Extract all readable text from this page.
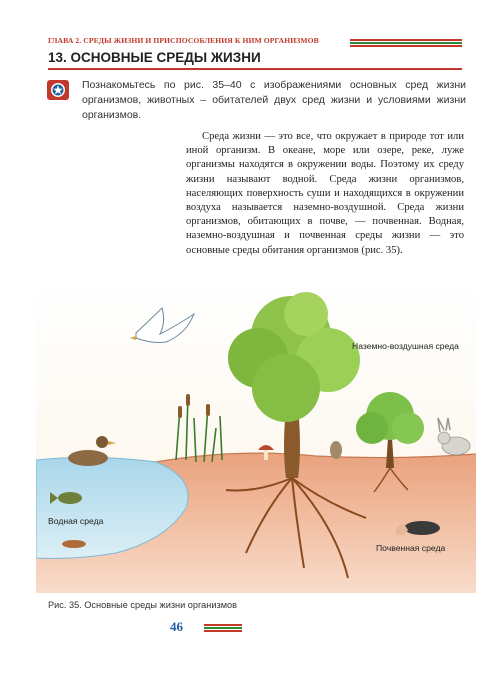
ГЛАВА 2. СРЕДЫ ЖИЗНИ И ПРИСПОСОБЛЕНИЯ К НИМ ОРГАНИЗМОВ
13. ОСНОВНЫЕ СРЕДЫ ЖИЗНИ
Познакомьтесь по рис. 35–40 с изображениями основных сред жизни организмов, животных – обитателей двух сред жизни и условиями жизни организмов.

Среда жизни — это все, что окружает в природе тот или иной организм. В океане, море или озере, реке, луже организмы находятся в окружении воды. Поэтому их среду жизни называют водной. Среда жизни организмов, населяющих поверхность суши и находящихся в окружении воздуха называется наземно-воздушной. Среда жизни организмов, обитающих в почве, — почвенная. Водная, наземно-воздушная и почвенная среды жизни — это основные среды обитания организмов (рис. 35).

Наземно-воздушная среда
Водная среда
Почвенная среда
Рис. 35. Основные среды жизни организмов
46
